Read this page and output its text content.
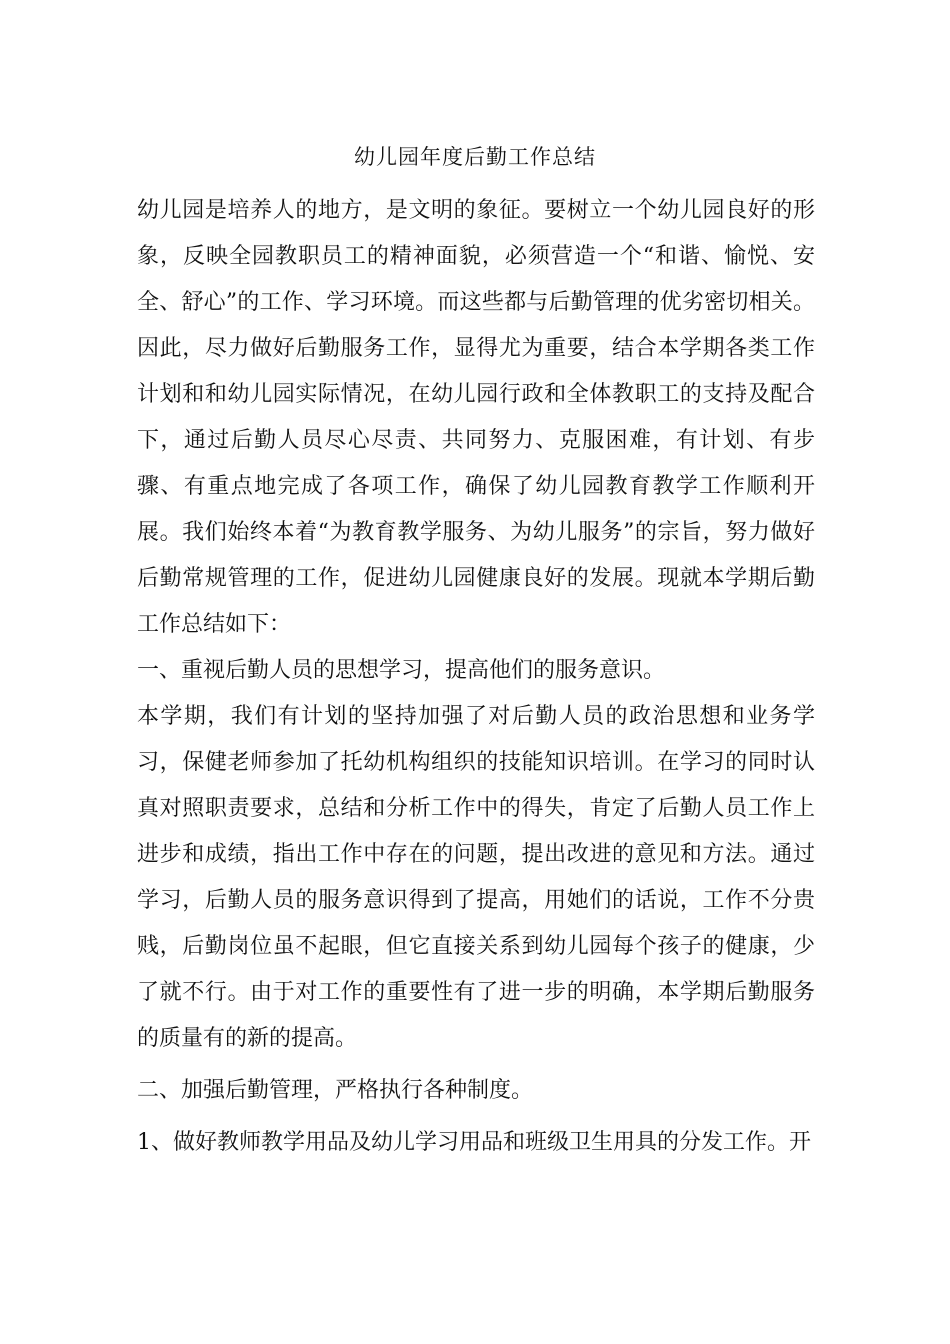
幼儿园年度后勤工作总结

幼儿园是培养人的地方，是文明的象征。要树立一个幼儿园良好的形象，反映全园教职员工的精神面貌，必须营造一个“和谐、愉悦、安全、舒心”的工作、学习环境。而这些都与后勤管理的优劣密切相关。因此，尽力做好后勤服务工作，显得尤为重要，结合本学期各类工作计划和和幼儿园实际情况，在幼儿园行政和全体教职工的支持及配合下，通过后勤人员尽心尽责、共同努力、克服困难，有计划、有步骤、有重点地完成了各项工作，确保了幼儿园教育教学工作顺利开展。我们始终本着“为教育教学服务、为幼儿服务”的宗旨，努力做好后勤常规管理的工作，促进幼儿园健康良好的发展。现就本学期后勤工作总结如下：

一、重视后勤人员的思想学习，提高他们的服务意识。

本学期，我们有计划的坚持加强了对后勤人员的政治思想和业务学习，保健老师参加了托幼机构组织的技能知识培训。在学习的同时认真对照职责要求，总结和分析工作中的得失，肯定了后勤人员工作上进步和成绩，指出工作中存在的问题，提出改进的意见和方法。通过学习，后勤人员的服务意识得到了提高，用她们的话说，工作不分贵贱，后勤岗位虽不起眼，但它直接关系到幼儿园每个孩子的健康，少了就不行。由于对工作的重要性有了进一步的明确，本学期后勤服务的质量有的新的提高。

二、加强后勤管理，严格执行各种制度。

1、做好教师教学用品及幼儿学习用品和班级卫生用具的分发工作。开
